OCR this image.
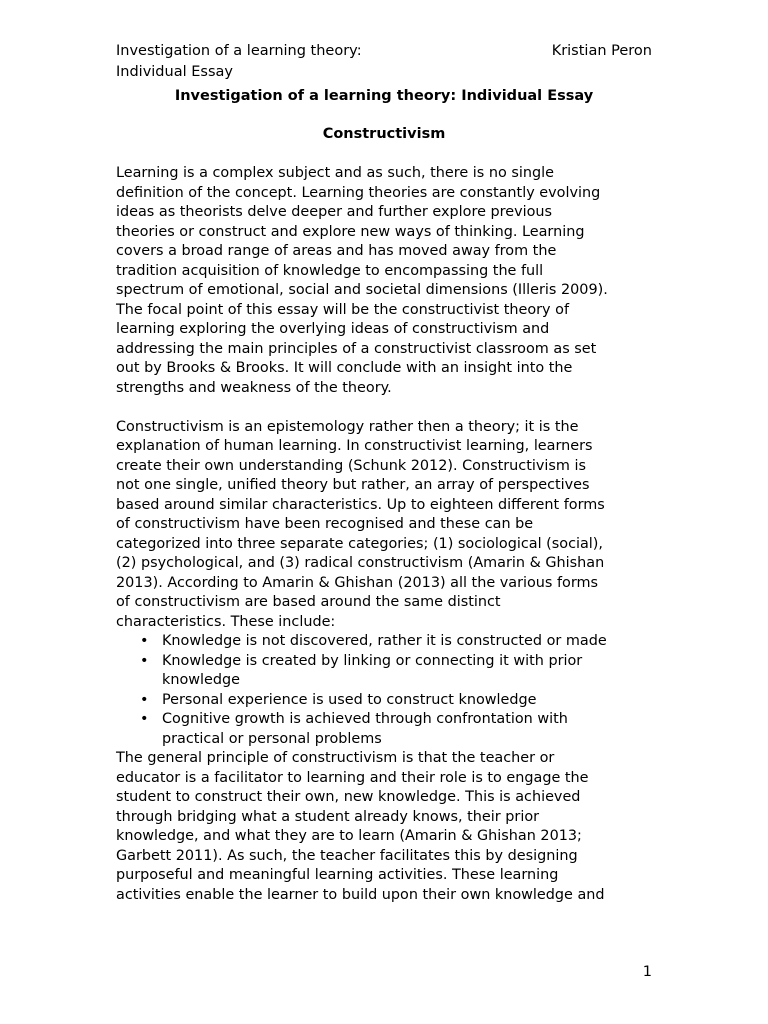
Investigation of a learning theory:
Individual Essay
Kristian Peron
Investigation of a learning theory: Individual Essay
Constructivism
Learning is a complex subject and as such, there is no single
definition of the concept. Learning theories are constantly evolving
ideas as theorists delve deeper and further explore previous
theories or construct and explore new ways of thinking. Learning
covers a broad range of areas and has moved away from the
tradition acquisition of knowledge to encompassing the full
spectrum of emotional, social and societal dimensions (Illeris 2009).
The focal point of this essay will be the constructivist theory of
learning exploring the overlying ideas of constructivism and
addressing the main principles of a constructivist classroom as set
out by Brooks & Brooks. It will conclude with an insight into the
strengths and weakness of the theory.
Constructivism is an epistemology rather then a theory; it is the
explanation of human learning. In constructivist learning, learners
create their own understanding (Schunk 2012). Constructivism is
not one single, unified theory but rather, an array of perspectives
based around similar characteristics. Up to eighteen different forms
of constructivism have been recognised and these can be
categorized into three separate categories; (1) sociological (social),
(2) psychological, and (3) radical constructivism (Amarin & Ghishan
2013). According to Amarin & Ghishan (2013) all the various forms
of constructivism are based around the same distinct
characteristics. These include:
• Knowledge is not discovered, rather it is constructed or made
• Knowledge is created by linking or connecting it with prior
knowledge
• Personal experience is used to construct knowledge
• Cognitive growth is achieved through confrontation with
practical or personal problems
The general principle of constructivism is that the teacher or
educator is a facilitator to learning and their role is to engage the
student to construct their own, new knowledge. This is achieved
through bridging what a student already knows, their prior
knowledge, and what they are to learn (Amarin & Ghishan 2013;
Garbett 2011). As such, the teacher facilitates this by designing
purposeful and meaningful learning activities. These learning
activities enable the learner to build upon their own knowledge and
1
